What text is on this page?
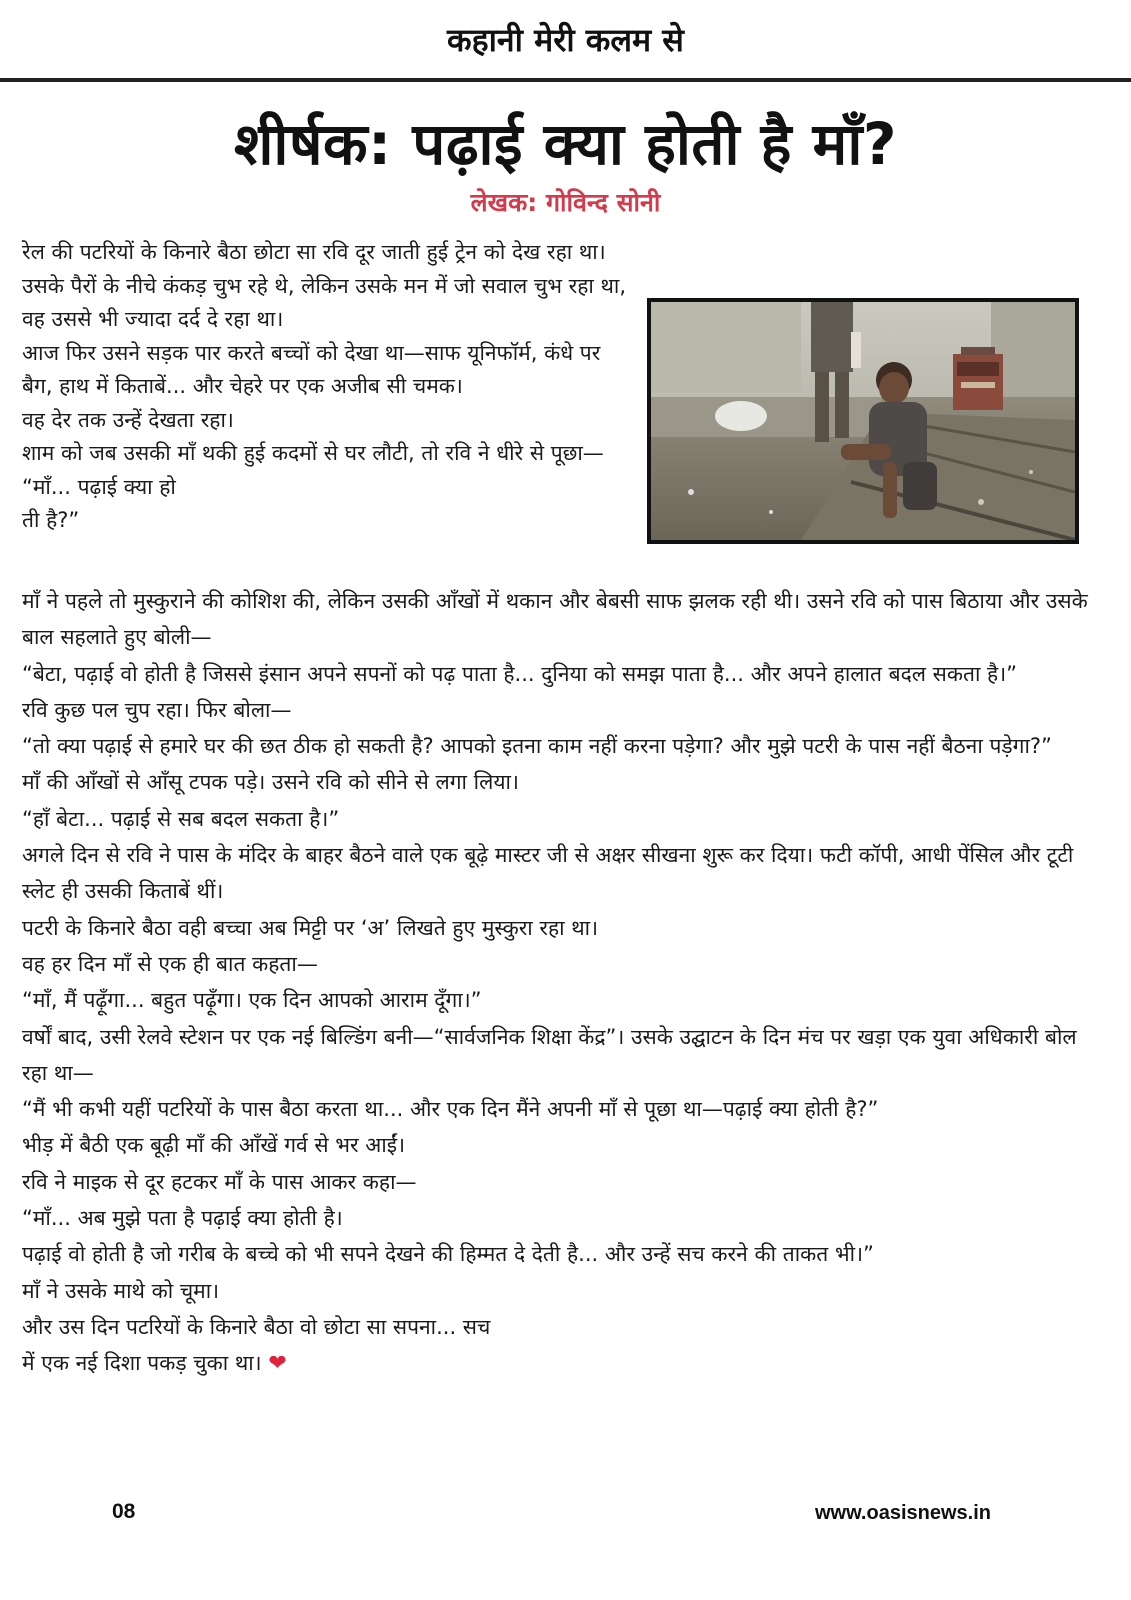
कहानी मेरी कलम से
शीर्षक: पढ़ाई क्या होती है माँ?
लेखक: गोविन्द सोनी

रेल की पटरियों के किनारे बैठा छोटा सा रवि दूर जाती हुई ट्रेन को देख रहा था। उसके पैरों के नीचे कंकड़ चुभ रहे थे, लेकिन उसके मन में जो सवाल चुभ रहा था, वह उससे भी ज्यादा दर्द दे रहा था।

आज फिर उसने सड़क पार करते बच्चों को देखा था—साफ यूनिफॉर्म, कंधे पर बैग, हाथ में किताबें... और चेहरे पर एक अजीब सी चमक।

वह देर तक उन्हें देखता रहा।

शाम को जब उसकी माँ थकी हुई कदमों से घर लौटी, तो रवि ने धीरे से पूछा—

“माँ... पढ़ाई क्या हो

ती है?”

माँ ने पहले तो मुस्कुराने की कोशिश की, लेकिन उसकी आँखों में थकान और बेबसी साफ झलक रही थी। उसने रवि को पास बिठाया और उसके बाल सहलाते हुए बोली—

“बेटा, पढ़ाई वो होती है जिससे इंसान अपने सपनों को पढ़ पाता है... दुनिया को समझ पाता है... और अपने हालात बदल सकता है।”

रवि कुछ पल चुप रहा। फिर बोला—

“तो क्या पढ़ाई से हमारे घर की छत ठीक हो सकती है? आपको इतना काम नहीं करना पड़ेगा? और मुझे पटरी के पास नहीं बैठना पड़ेगा?”

माँ की आँखों से आँसू टपक पड़े। उसने रवि को सीने से लगा लिया।

“हाँ बेटा... पढ़ाई से सब बदल सकता है।”

अगले दिन से रवि ने पास के मंदिर के बाहर बैठने वाले एक बूढ़े मास्टर जी से अक्षर सीखना शुरू कर दिया। फटी कॉपी, आधी पेंसिल और टूटी स्लेट ही उसकी किताबें थीं।

पटरी के किनारे बैठा वही बच्चा अब मिट्टी पर ‘अ’ लिखते हुए मुस्कुरा रहा था।

वह हर दिन माँ से एक ही बात कहता—

“माँ, मैं पढ़ूँगा... बहुत पढ़ूँगा। एक दिन आपको आराम दूँगा।”

वर्षों बाद, उसी रेलवे स्टेशन पर एक नई बिल्डिंग बनी—“सार्वजनिक शिक्षा केंद्र”। उसके उद्घाटन के दिन मंच पर खड़ा एक युवा अधिकारी बोल रहा था—

“मैं भी कभी यहीं पटरियों के पास बैठा करता था... और एक दिन मैंने अपनी माँ से पूछा था—पढ़ाई क्या होती है?”

भीड़ में बैठी एक बूढ़ी माँ की आँखें गर्व से भर आईं।

रवि ने माइक से दूर हटकर माँ के पास आकर कहा—

“माँ... अब मुझे पता है पढ़ाई क्या होती है।

पढ़ाई वो होती है जो गरीब के बच्चे को भी सपने देखने की हिम्मत दे देती है... और उन्हें सच करने की ताकत भी।”

माँ ने उसके माथे को चूमा।

और उस दिन पटरियों के किनारे बैठा वो छोटा सा सपना... सच

में एक नई दिशा पकड़ चुका था। ❤

08	www.oasisnews.in
